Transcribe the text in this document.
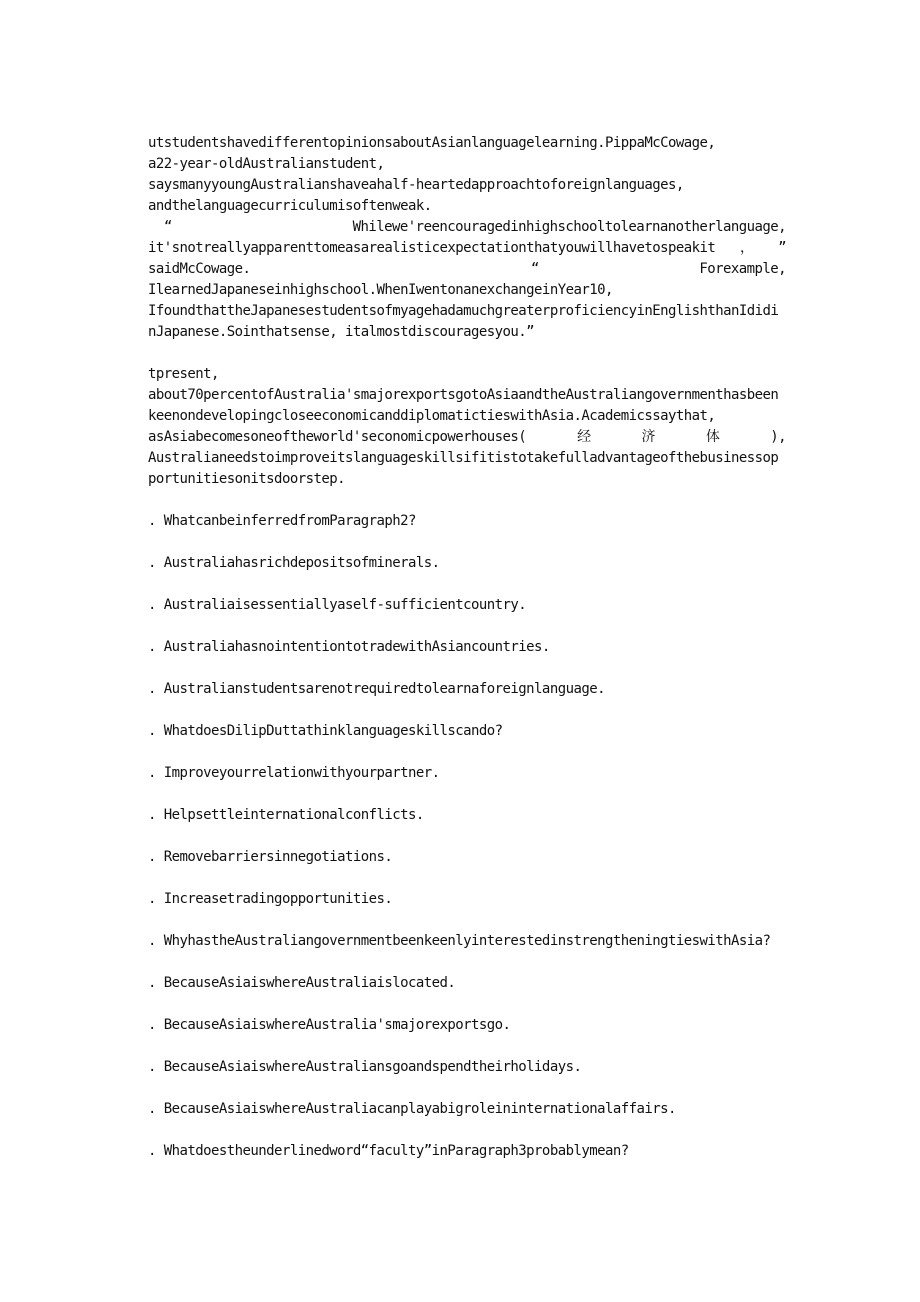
utstudentshavedifferentopinionsaboutAsianlanguagelearning.PippaMcCowage,
a22-year-oldAustralianstudent,
saysmanyyoungAustralianshaveahalf-heartedapproachtoforeignlanguages,
andthelanguagecurriculumisoftenweak.
“	Whilewe'reencouragedinhighschooltolearnanotherlanguage,
it'snotreallyapparenttomeasarealisticexpectationthatyouwillhavetospeakit ， ”
saidMcCowage.	“	Forexample,
IlearnedJapaneseinhighschool.WhenIwentonanexchangeinYear10,
IfoundthattheJapanesestudentsofmyagehadamuchgreaterproficiencyinEnglishthanIdidi
nJapanese.Sointhatsense, italmostdiscouragesyou.”
tpresent,
about70percentofAustralia'smajorexportsgotoAsiaandtheAustraliangovernmenthasbeen
keenondevelopingcloseeconomicanddiplomatictieswithAsia.Academicssaythat,
asAsiabecomesoneoftheworld'seconomicpowerhouses(	经	济	体	),
Australianeedstoimproveitslanguageskillsifitistotakefulladvantageofthebusinessop
portunitiesonitsdoorstep.
. WhatcanbeinferredfromParagraph2?
. Australiahasrichdepositsofminerals.
. Australiaisessentiallyaself-sufficientcountry.
. AustraliahasnointentiontotradewithAsiancountries.
. Australianstudentsarenotrequiredtolearnaforeignlanguage.
. WhatdoesDilipDuttathinklanguageskillscando?
. Improveyourrelationwithyourpartner.
. Helpsettleinternationalconflicts.
. Removebarriersinnegotiations.
. Increasetradingopportunities.
. WhyhastheAustraliangovernmentbeenkeenlyinterestedinstrengtheningtieswithAsia?
. BecauseAsiaiswhereAustraliaislocated.
. BecauseAsiaiswhereAustralia'smajorexportsgo.
. BecauseAsiaiswhereAustraliansgoandspendtheirholidays.
. BecauseAsiaiswhereAustraliacanplayabigroleininternationalaffairs.
. Whatdoestheunderlinedword“faculty”inParagraph3probablymean?
